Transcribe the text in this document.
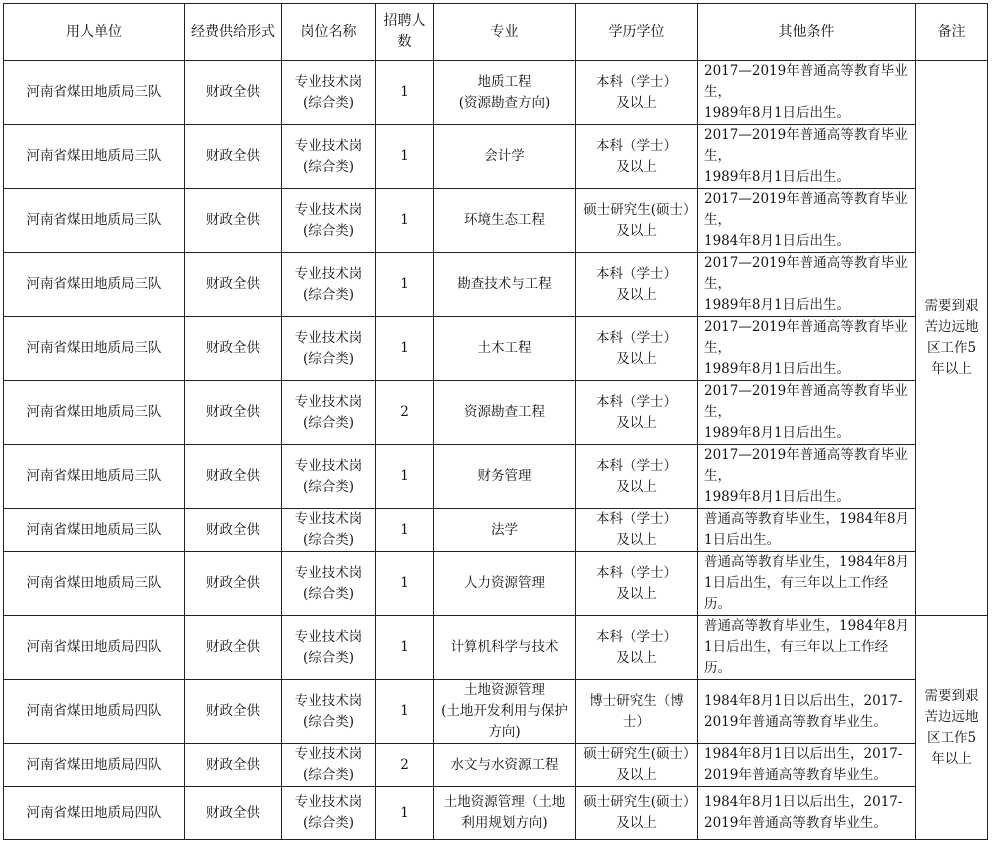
用人单位	经费供给形式	岗位名称	招聘人数	专业	学历学位	其他条件	备注
河南省煤田地质局三队	财政全供	专业技术岗
(综合类)	1	地质工程
(资源勘查方向)	本科（学士）
及以上	2017—2019年普通高等教育毕业生，
1989年8月1日后出生。	需要到艰苦边远地区工作5年以上
河南省煤田地质局三队	财政全供	专业技术岗
(综合类)	1	会计学	本科（学士）
及以上	2017—2019年普通高等教育毕业生，
1989年8月1日后出生。	
河南省煤田地质局三队	财政全供	专业技术岗
(综合类)	1	环境生态工程	硕士研究生(硕士）及以上	2017—2019年普通高等教育毕业生，
1984年8月1日后出生。	
河南省煤田地质局三队	财政全供	专业技术岗
(综合类)	1	勘查技术与工程	本科（学士）
及以上	2017—2019年普通高等教育毕业生，
1989年8月1日后出生。	
河南省煤田地质局三队	财政全供	专业技术岗
(综合类)	1	土木工程	本科（学士）
及以上	2017—2019年普通高等教育毕业生，
1989年8月1日后出生。	
河南省煤田地质局三队	财政全供	专业技术岗
(综合类)	2	资源勘查工程	本科（学士）
及以上	2017—2019年普通高等教育毕业生，
1989年8月1日后出生。	
河南省煤田地质局三队	财政全供	专业技术岗
(综合类)	1	财务管理	本科（学士）
及以上	2017—2019年普通高等教育毕业生，
1989年8月1日后出生。	
河南省煤田地质局三队	财政全供	专业技术岗
(综合类)	1	法学	本科（学士）
及以上	普通高等教育毕业生，1984年8月1日后出生。	
河南省煤田地质局三队	财政全供	专业技术岗
(综合类)	1	人力资源管理	本科（学士）
及以上	普通高等教育毕业生，1984年8月1日后出生，有三年以上工作经历。	
河南省煤田地质局四队	财政全供	专业技术岗
(综合类)	1	计算机科学与技术	本科（学士）
及以上	普通高等教育毕业生，1984年8月1日后出生，有三年以上工作经历。	需要到艰苦边远地区工作5年以上
河南省煤田地质局四队	财政全供	专业技术岗
(综合类)	1	土地资源管理
(土地开发利用与保护方向)	博士研究生（博士）	1984年8月1日以后出生，2017-2019年普通高等教育毕业生。	
河南省煤田地质局四队	财政全供	专业技术岗
(综合类)	2	水文与水资源工程	硕士研究生(硕士）及以上	1984年8月1日以后出生，2017-2019年普通高等教育毕业生。	
河南省煤田地质局四队	财政全供	专业技术岗
(综合类)	1	土地资源管理（土地利用规划方向)	硕士研究生(硕士）及以上	1984年8月1日以后出生，2017-2019年普通高等教育毕业生。	
